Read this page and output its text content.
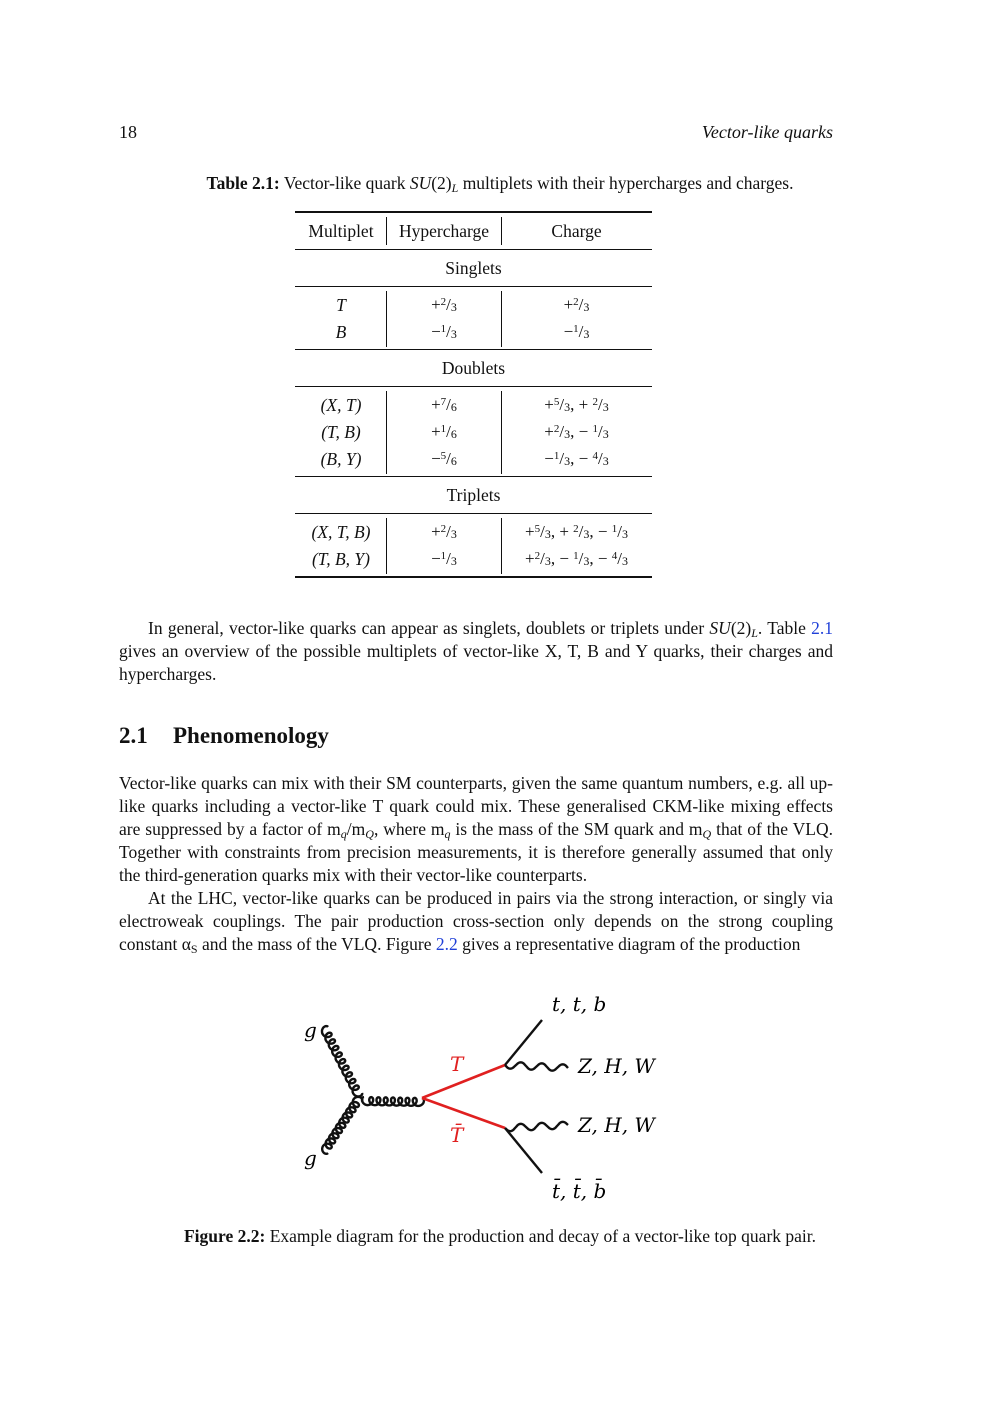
18	Vector-like quarks
Table 2.1: Vector-like quark $SU(2)_L$ multiplets with their hypercharges and charges.
Multiplet	Hypercharge	Charge
Singlets
T	$+^2/_3$	$+^2/_3$
B	$-^1/_3$	$-^1/_3$
Doublets
(X, T)	$+^7/_6$	$+^5/_3$, + $^2/_3$
(T, B)	$+^1/_6$	$+^2/_3$, − $^1/_3$
(B, Y)	$-^5/_6$	$-^1/_3$, − $^4/_3$
Triplets
(X, T, B)	$+^2/_3$	$+^5/_3$, + $^2/_3$, − $^1/_3$
(T, B, Y)	$-^1/_3$	$+^2/_3$, − $^1/_3$, − $^4/_3$
In general, vector-like quarks can appear as singlets, doublets or triplets under $SU(2)_L$. Table 2.1 gives an overview of the possible multiplets of vector-like X, T, B and Y quarks, their charges and hypercharges.
2.1 Phenomenology
Vector-like quarks can mix with their SM counterparts, given the same quantum numbers, e.g. all up-like quarks including a vector-like T quark could mix. These generalised CKM-like mixing effects are suppressed by a factor of $m_q/m_Q$, where $m_q$ is the mass of the SM quark and $m_Q$ that of the VLQ. Together with constraints from precision measurements, it is therefore generally assumed that only the third-generation quarks mix with their vector-like counterparts.
At the LHC, vector-like quarks can be produced in pairs via the strong interaction, or singly via electroweak couplings. The pair production cross-section only depends on the strong coupling constant $\alpha_S$ and the mass of the VLQ. Figure 2.2 gives a representative diagram of the production
g
g
T
T̄
t, t, b
Z, H, W
Z, H, W
t̄, t̄, b̄
Figure 2.2: Example diagram for the production and decay of a vector-like top quark pair.
